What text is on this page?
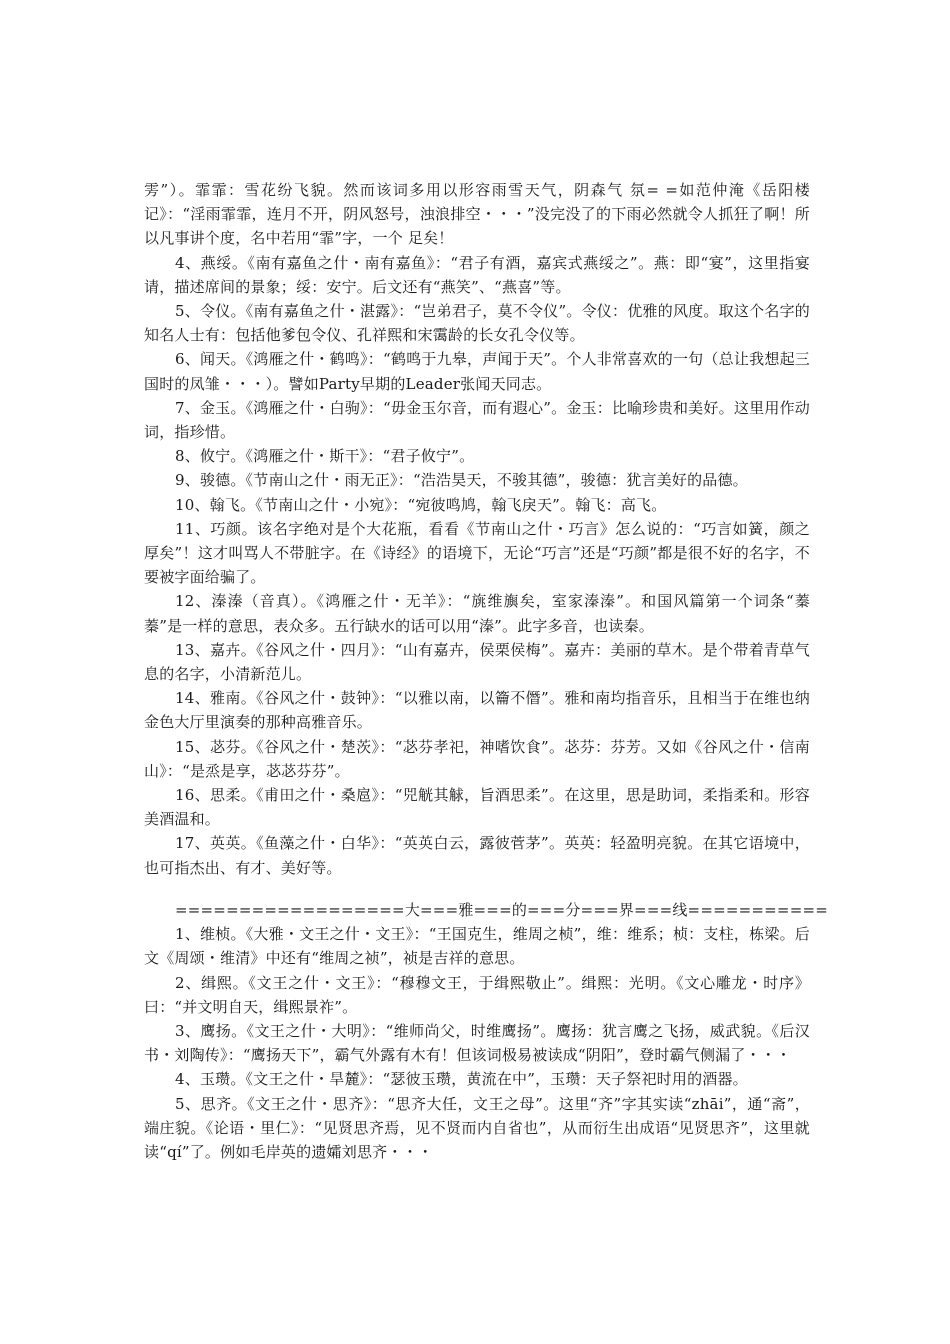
雱”）。霏霏：雪花纷飞貌。然而该词多用以形容雨雪天气，阴森气 氛= =如范仲淹《岳阳楼记》：“淫雨霏霏，连月不开，阴风怒号，浊浪排空・・・”没完没了的下雨必然就令人抓狂了啊！所以凡事讲个度，名中若用“霏”字，一个 足矣！

4、燕绥。《南有嘉鱼之什・南有嘉鱼》：“君子有酒，嘉宾式燕绥之”。燕：即“宴”，这里指宴请，描述席间的景象；绥：安宁。后文还有“燕笑”、“燕喜”等。

5、令仪。《南有嘉鱼之什・湛露》：“岂弟君子，莫不令仪”。令仪：优雅的风度。取这个名字的知名人士有：包括他爹包令仪、孔祥熙和宋霭龄的长女孔令仪等。

6、闻天。《鸿雁之什・鹤鸣》：“鹤鸣于九皋，声闻于天”。个人非常喜欢的一句（总让我想起三国时的凤雏・・・）。譬如Party早期的Leader张闻天同志。

7、金玉。《鸿雁之什・白驹》：“毋金玉尔音，而有遐心”。金玉：比喻珍贵和美好。这里用作动词，指珍惜。

8、攸宁。《鸿雁之什・斯干》：“君子攸宁”。

9、骏德。《节南山之什・雨无正》：“浩浩昊天，不骏其德”，骏德：犹言美好的品德。

10、翰飞。《节南山之什・小宛》：“宛彼鸣鸠，翰飞戾天”。翰飞：高飞。

11、巧颜。该名字绝对是个大花瓶，看看《节南山之什・巧言》怎么说的：“巧言如簧，颜之厚矣”！这才叫骂人不带脏字。在《诗经》的语境下，无论“巧言”还是“巧颜”都是很不好的名字，不要被字面给骗了。

12、溱溱（音真）。《鸿雁之什・无羊》：“旐维旟矣，室家溱溱”。和国风篇第一个词条“蓁蓁”是一样的意思，表众多。五行缺水的话可以用“溱”。此字多音，也读秦。

13、嘉卉。《谷风之什・四月》：“山有嘉卉，侯栗侯梅”。嘉卉：美丽的草木。是个带着青草气息的名字，小清新范儿。

14、雅南。《谷风之什・鼓钟》：“以雅以南，以籥不僭”。雅和南均指音乐，且相当于在维也纳金色大厅里演奏的那种高雅音乐。

15、苾芬。《谷风之什・楚茨》：“苾芬孝祀，神嗜饮食”。苾芬：芬芳。又如《谷风之什・信南山》：“是烝是享，苾苾芬芬”。

16、思柔。《甫田之什・桑扈》：“兕觥其觩，旨酒思柔”。在这里，思是助词，柔指柔和。形容美酒温和。

17、英英。《鱼藻之什・白华》：“英英白云，露彼菅茅”。英英：轻盈明亮貌。在其它语境中，也可指杰出、有才、美好等。

==================大===雅===的===分===界===线===========

1、维桢。《大雅・文王之什・文王》：“王国克生，维周之桢”，维：维系；桢：支柱，栋梁。后文《周颂・维清》中还有“维周之祯”，祯是吉祥的意思。

2、缉熙。《文王之什・文王》：“穆穆文王，于缉熙敬止”。缉熙：光明。《文心雕龙・时序》曰：“并文明自天，缉熙景祚”。

3、鹰扬。《文王之什・大明》：“维师尚父，时维鹰扬”。鹰扬：犹言鹰之飞扬，威武貌。《后汉书・刘陶传》：“鹰扬天下”，霸气外露有木有！但该词极易被读成“阴阳”，登时霸气侧漏了・・・

4、玉瓒。《文王之什・旱麓》：“瑟彼玉瓒，黄流在中”，玉瓒：天子祭祀时用的酒器。

5、思齐。《文王之什・思齐》：“思齐大任，文王之母”。这里“齐”字其实读“zhāi”，通“斋”，端庄貌。《论语・里仁》：“见贤思齐焉，见不贤而内自省也”，从而衍生出成语“见贤思齐”，这里就读“qí”了。例如毛岸英的遗孀刘思齐・・・
